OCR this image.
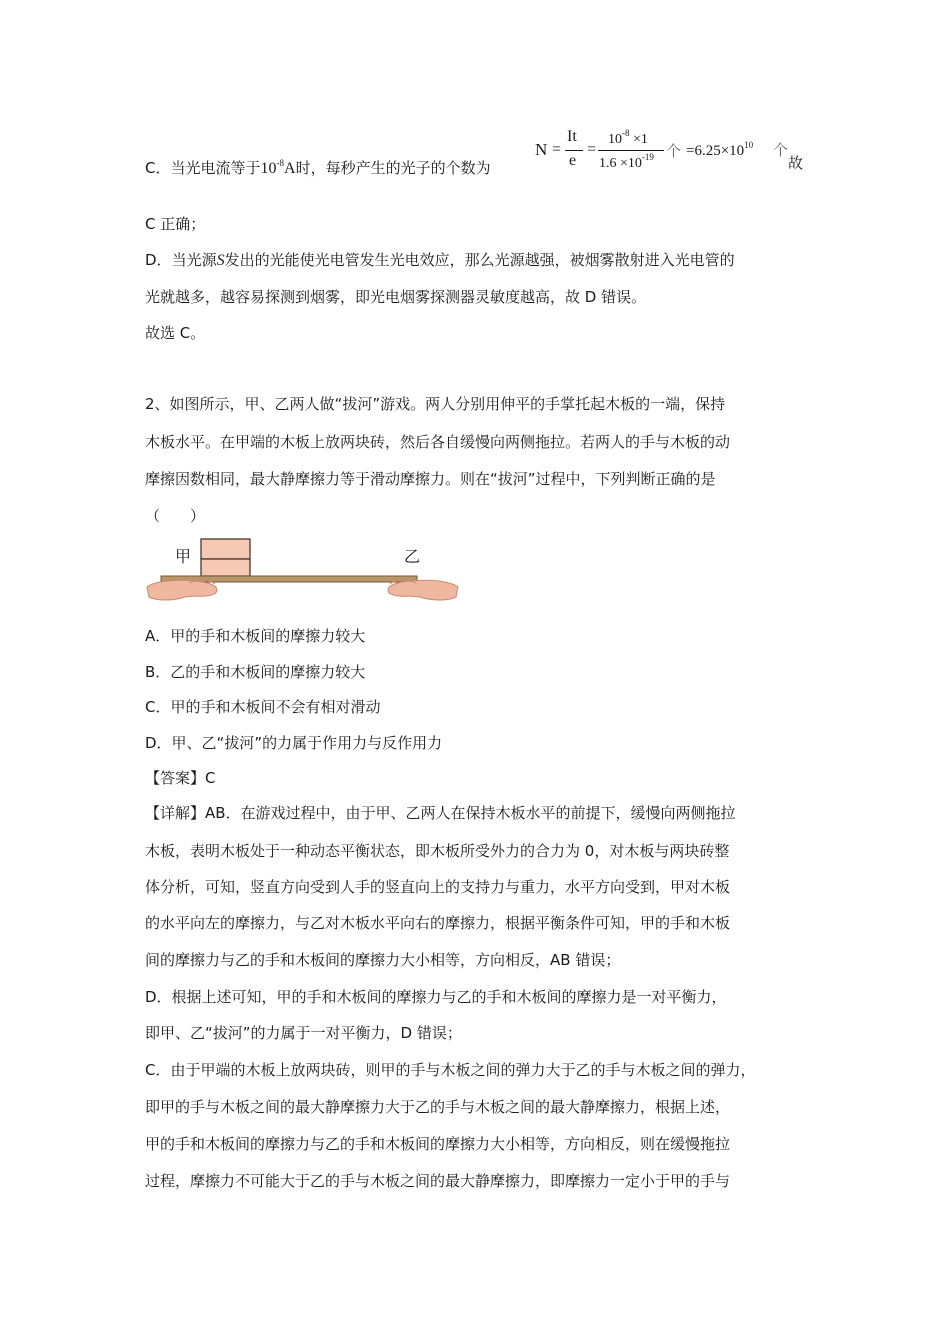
C．当光电流等于$10^{-8}A$时，每秒产生的光子的个数为
N =
It
e
=
$10^{-8} \times 1$
$1.6 \times 10^{-19}$ 个 $=6.25\times 10^{10}$ 个
故
C 正确；
D．当光源S发出的光能使光电管发生光电效应，那么光源越强，被烟雾散射进入光电管的
光就越多，越容易探测到烟雾，即光电烟雾探测器灵敏度越高，故 D 错误。
故选 C。
2、如图所示，甲、乙两人做“拔河”游戏。两人分别用伸平的手掌托起木板的一端，保持
木板水平。在甲端的木板上放两块砖，然后各自缓慢向两侧拖拉。若两人的手与木板的动
摩擦因数相同，最大静摩擦力等于滑动摩擦力。则在“拔河”过程中，下列判断正确的是
（　　）
甲	乙
A．甲的手和木板间的摩擦力较大
B．乙的手和木板间的摩擦力较大
C．甲的手和木板间不会有相对滑动
D．甲、乙“拔河”的力属于作用力与反作用力
【答案】C
【详解】AB．在游戏过程中，由于甲、乙两人在保持木板水平的前提下，缓慢向两侧拖拉
木板，表明木板处于一种动态平衡状态，即木板所受外力的合力为 0，对木板与两块砖整
体分析，可知，竖直方向受到人手的竖直向上的支持力与重力，水平方向受到，甲对木板
的水平向左的摩擦力，与乙对木板水平向右的摩擦力，根据平衡条件可知，甲的手和木板
间的摩擦力与乙的手和木板间的摩擦力大小相等，方向相反，AB 错误；
D．根据上述可知，甲的手和木板间的摩擦力与乙的手和木板间的摩擦力是一对平衡力，
即甲、乙“拔河”的力属于一对平衡力，D 错误；
C．由于甲端的木板上放两块砖，则甲的手与木板之间的弹力大于乙的手与木板之间的弹力，
即甲的手与木板之间的最大静摩擦力大于乙的手与木板之间的最大静摩擦力，根据上述，
甲的手和木板间的摩擦力与乙的手和木板间的摩擦力大小相等，方向相反，则在缓慢拖拉
过程，摩擦力不可能大于乙的手与木板之间的最大静摩擦力，即摩擦力一定小于甲的手与
